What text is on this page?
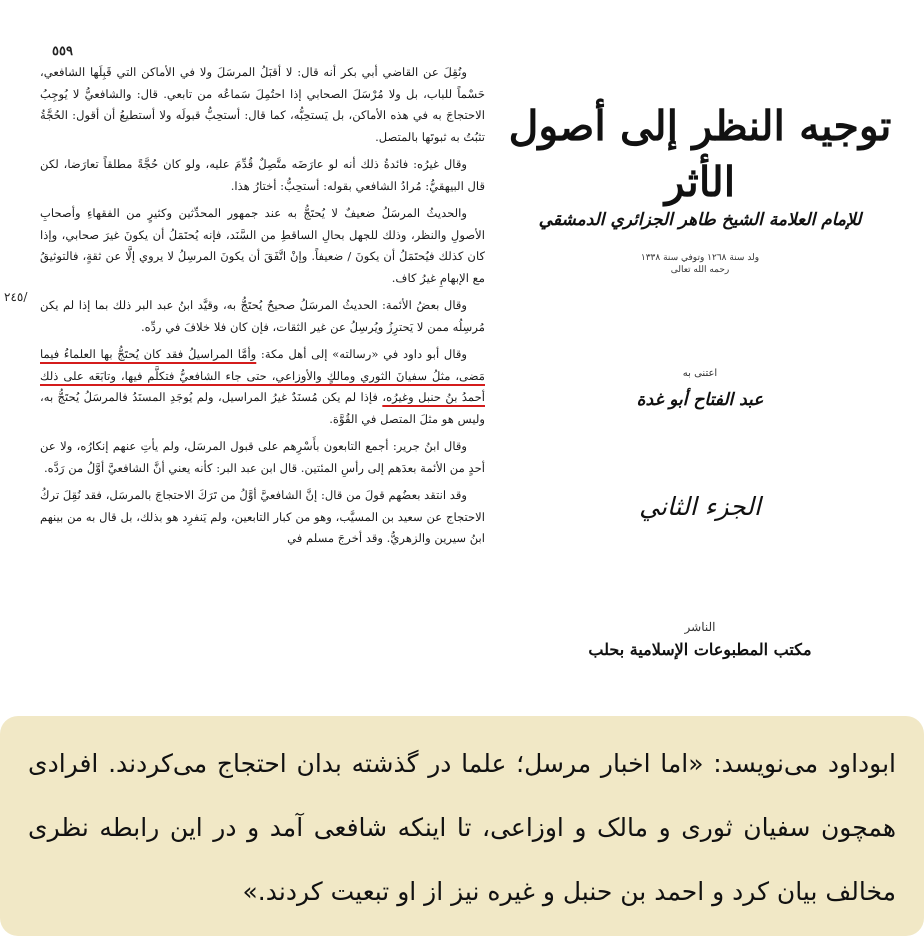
٥٥٩
٢٤٥/

ونُقِلَ عن القاضي أبي بكر أنه قال: لا أقبَلُ المرسَلَ ولا في الأماكن التي قَبِلَها الشافعي، حَسْماً للباب، بل ولا مُرْسَلَ الصحابي إذا احتُمِلَ سَماعُه من تابعي. قال: والشافعيُّ لا يُوجِبُ الاحتجاجَ به في هذه الأماكن، بل يَستحِبُّه، كما قال: أستحِبُّ قبولَه ولا أستطيعُ أن أقول: الحُجَّةُ تثبُتُ به ثبوتَها بالمتصل.

وقال غيرُه: فائدةُ ذلك أنه لو عارَضَه متَّصِلٌ قُدِّمَ عليه، ولو كان حُجَّةً مطلقاً تعارَضا، لكن قال البيهقيُّ: مُرادُ الشافعي بقوله: أستحِبُّ: أختارُ هذا.

والحديثُ المرسَلُ ضعيفٌ لا يُحتَجُّ به عند جمهور المحدِّثين وكثيرٍ من الفقهاءِ وأصحابِ الأصولِ والنظر، وذلك للجهل بحالِ الساقطِ من السَّنَد، فإنه يُحتَمَلُ أن يكونَ غيرَ صحابي، وإذا كان كذلك فيُحتَمَلُ أن يكونَ / ضعيفاً. وإنْ اتَّفَقَ أن يكونَ المرسِلُ لا يروي إلَّا عن ثقةٍ، فالتوثيقُ مع الإبهامِ غيرُ كاف.

وقال بعضُ الأئمة: الحديثُ المرسَلُ صحيحٌ يُحتَجُّ به، وقيَّد ابنُ عبد البر ذلك بما إذا لم يكن مُرسِلُه ممن لا يَحترِزُ ويُرسِلُ عن غير الثقات، فإن كان فلا خلافَ في ردِّه.

وقال أبو داود في «رسالته» إلى أهل مكة: وأمَّا المراسيلُ فقد كان يُحتَجُّ بها العلماءُ فيما مَضى، مثلُ سفيانَ الثوري ومالكٍ والأوزاعي، حتى جاء الشافعيُّ فتكلَّم فيها، وتابَعَه على ذلك أحمدُ بنُ حنبل وغيرُه، فإذا لم يكن مُسنَدٌ غيرُ المراسيل، ولم يُوجَدِ المسنَدُ فالمرسَلُ يُحتَجُّ به، وليس هو مثلَ المتصل في القُوَّة.

وقال ابنُ جرير: أجمع التابعون بأَسْرِهم على قبول المرسَل، ولم يأتِ عنهم إنكارُه، ولا عن أحدٍ من الأئمة بعدَهم إلى رأسِ المئتين. قال ابن عبد البر: كأنه يعني أنَّ الشافعيَّ أوَّلُ من رَدَّه.

وقد انتقد بعضُهم قولَ من قال: إنَّ الشافعيَّ أوَّلُ من تَرَكَ الاحتجاجَ بالمرسَل، فقد نُقِلَ تركُ الاحتجاج عن سعيد بن المسيَّب، وهو من كبار التابعين، ولم يَنفرِد هو بذلك، بل قال به من بينهم ابنُ سيرين والزهريُّ. وقد أخرجَ مسلم في

توجيه النظر إلى أصول الأثر
للإمام العلامة الشيخ طاهر الجزائري الدمشقي
ولد سنة ١٢٦٨ وتوفي سنة ١٣٣٨
رحمه الله تعالى
اعتنى به
عبد الفتاح أبو غدة
الجزء الثاني
الناشر
مكتب المطبوعات الإسلامية بحلب
ابوداود می‌نویسد: «اما اخبار مرسل؛ علما در گذشته بدان احتجاج می‌کردند. افرادی همچون سفیان ثوری و مالک و اوزاعی، تا اینکه شافعی آمد و در این رابطه نظری مخالف بیان کرد و احمد بن حنبل و غیره نیز از او تبعیت کردند.»
